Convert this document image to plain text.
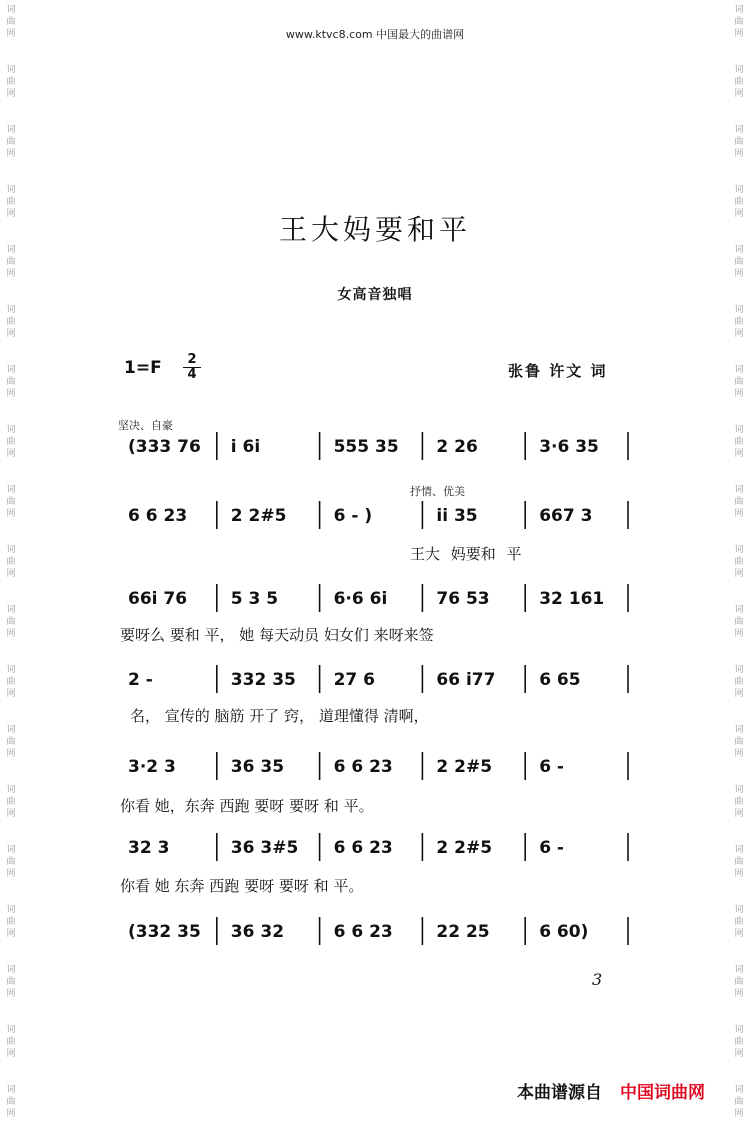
词
曲
网
词
曲
网
词
曲
网
词
曲
网
词
曲
网
词
曲
网
词
曲
网
词
曲
网
词
曲
网
词
曲
网
词
曲
网
词
曲
网
词
曲
网
词
曲
网
词
曲
网
词
曲
网
词
曲
网
词
曲
网
词
曲
网
词
曲
网
词
曲
网
词
曲
网
词
曲
网
词
曲
网
词
曲
网
词
曲
网
词
曲
网
词
曲
网
词
曲
网
词
曲
网
词
曲
网
词
曲
网
词
曲
网
词
曲
网
词
曲
网
词
曲
网
词
曲
网
词
曲
网
www.ktvc8.com 中国最大的曲谱网
王大妈要和平
女高音独唱
$1=F \frac{2}{4}$	张鲁 许文 词
坚决、自豪
抒情、优美
(333 76 i 6i	555 35 2 26	3·6 35
6 6 23	2 2#5	6 - )	ii 35	667 3
66i 76	5 3 5	6·6 6i	76 53	32 161
2 -	332 35 27 6	66 i77	6 65
3·2 3	36 35	6 6 23	2 2#5	6 -
32 3	36 3#5 6 6 23	2 2#5	6 -
(332 35 36 32	6 6 23	22 25	6 60)
王大 妈要和 平
要呀么 要和 平， 她 每天动员 妇女们 来呀来签
名， 宣传的 脑筋 开了 窍， 道理懂得 清啊，
你看 她，东奔 西跑 要呀 要呀 和 平。
你看 她 东奔 西跑 要呀 要呀 和 平。
3
本曲谱源自 中国词曲网
